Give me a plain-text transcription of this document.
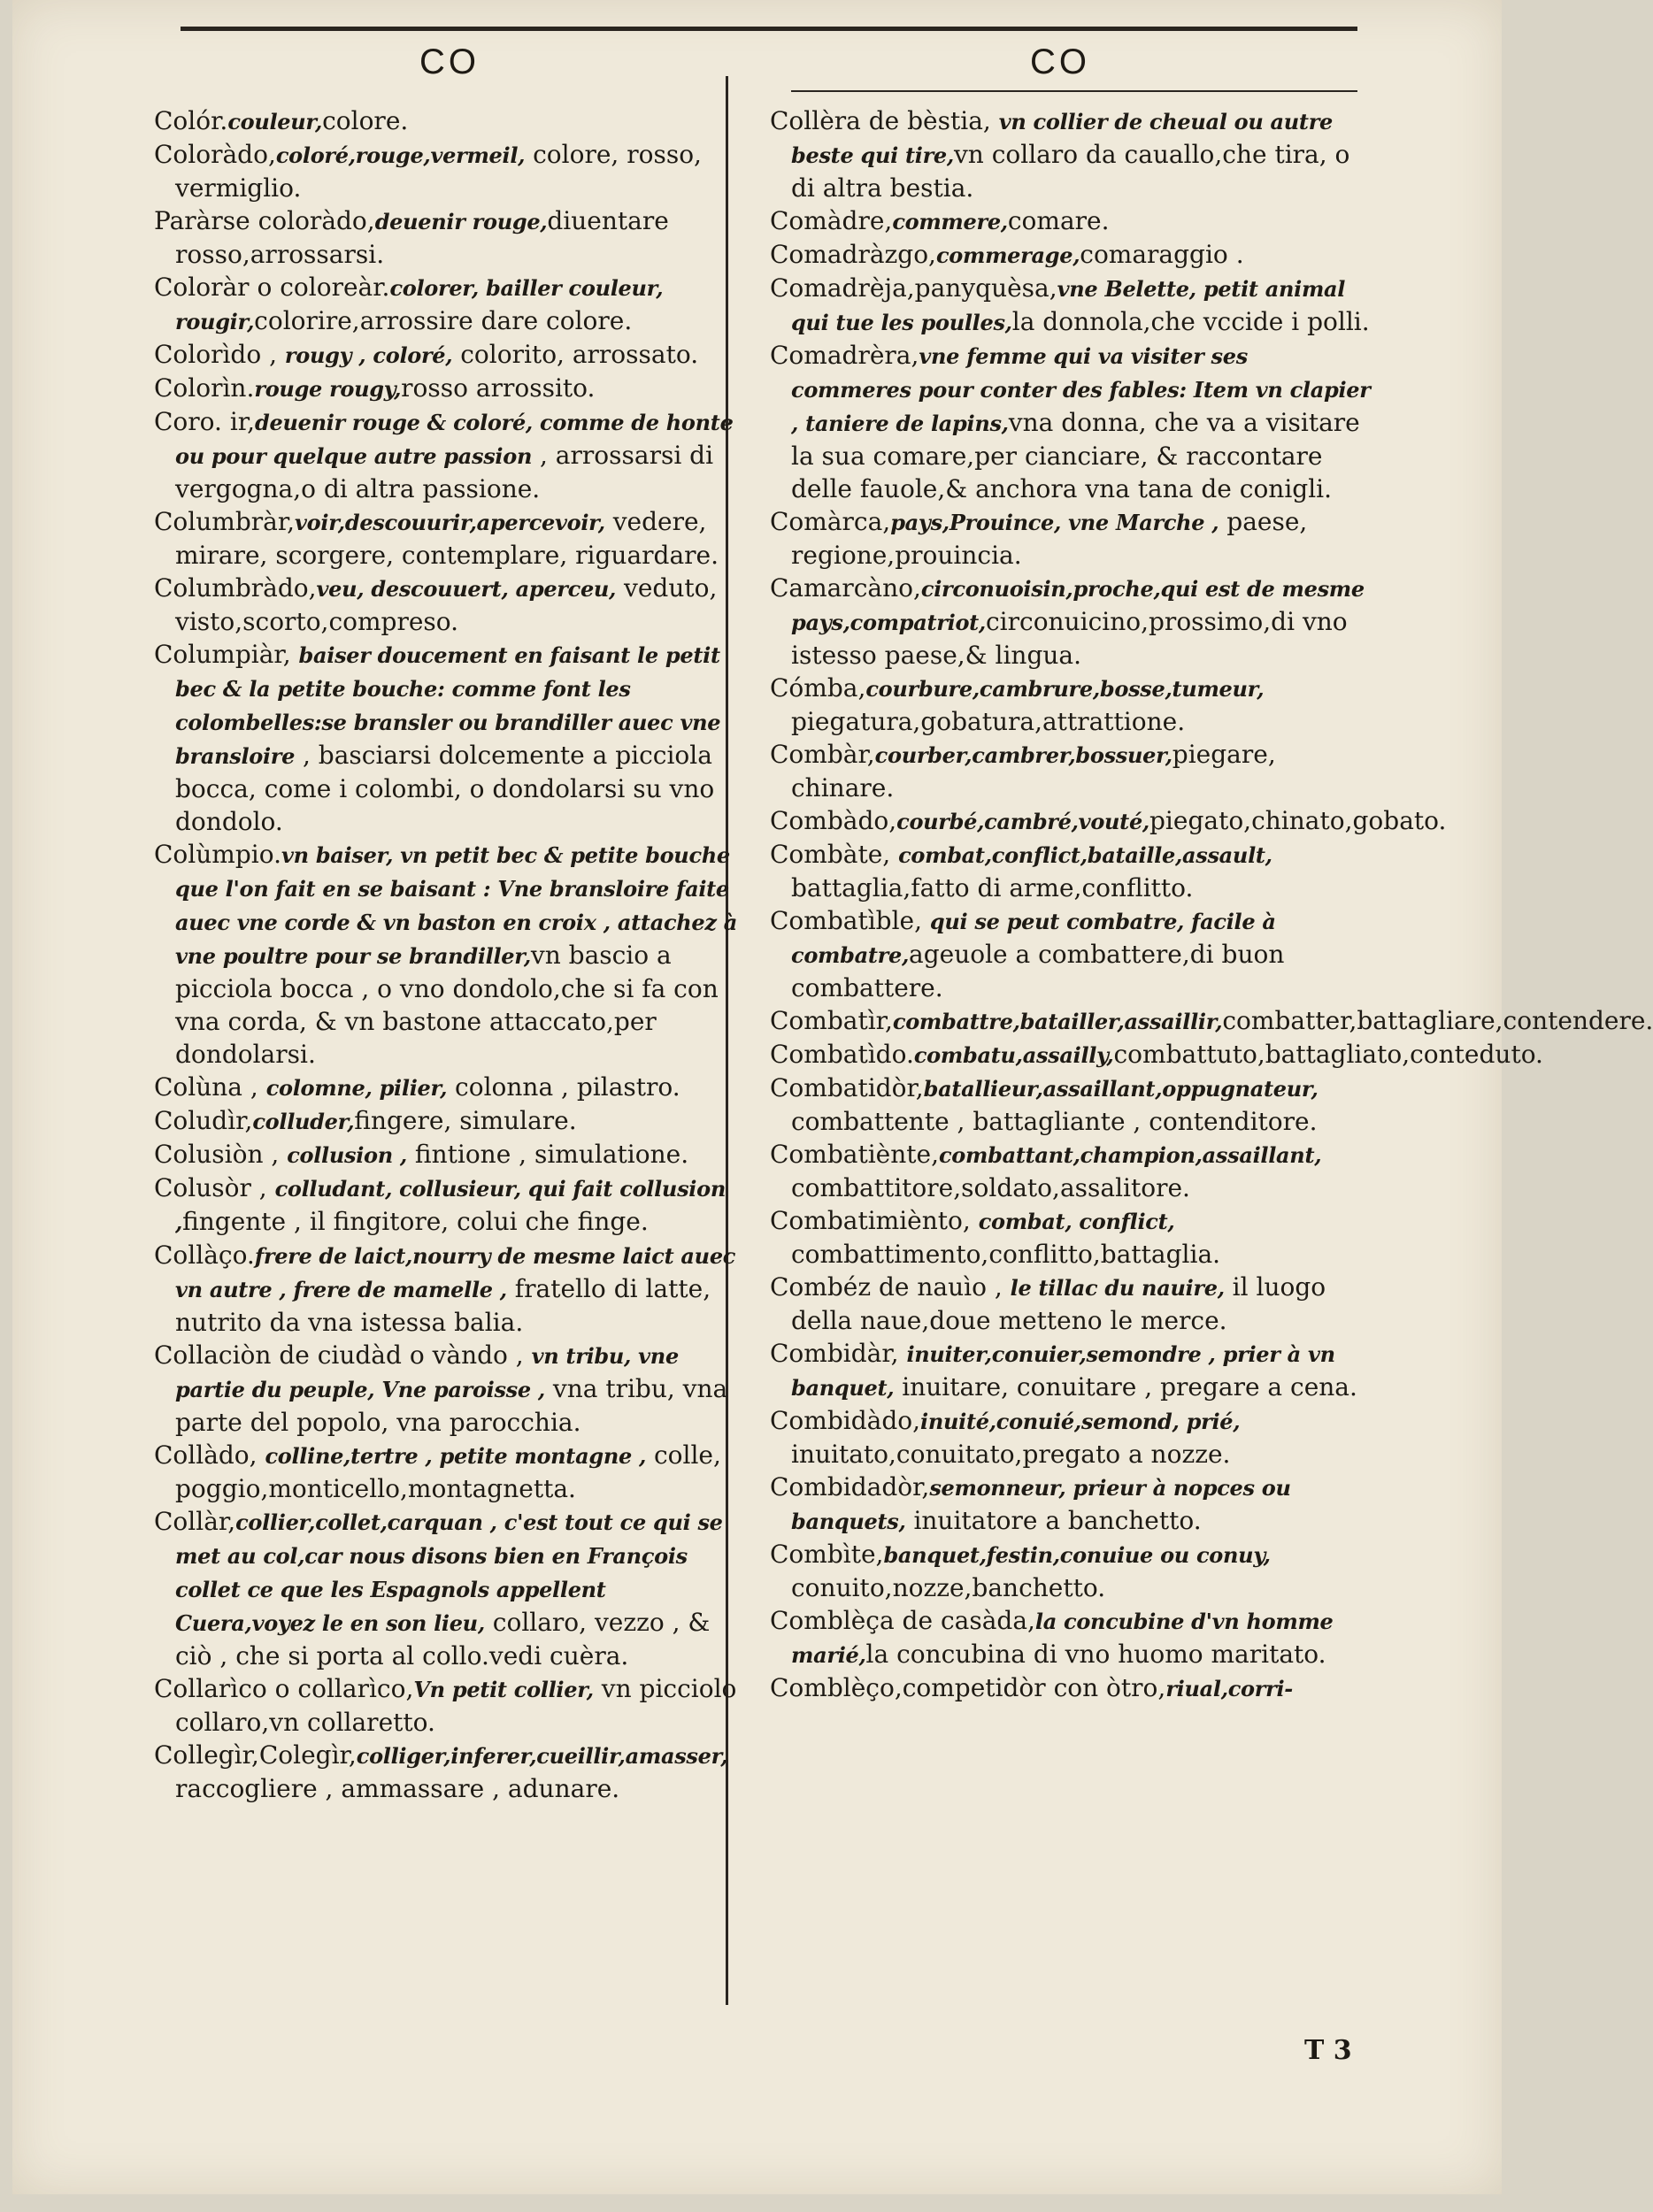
CO	CO

Colór.couleur,colore.

Coloràdo,coloré,rouge,vermeil, colore, rosso, vermiglio.

Paràrse coloràdo,deuenir rouge,diuentare rosso,arrossarsi.

Coloràr o coloreàr.colorer, bailler couleur, rougir,colorire,arrossire dare colore.

Colorìdo , rougy , coloré, colorito, arrossato.

Colorìn.rouge rougy,rosso arrossito.

Coro. ir,deuenir rouge & coloré, comme de honte ou pour quelque autre passion , arrossarsi di vergogna,o di altra passione.

Columbràr,voir,descouurir,apercevoir, vedere, mirare, scorgere, contemplare, riguardare.

Columbràdo,veu, descouuert, aperceu, veduto, visto,scorto,compreso.

Columpiàr, baiser doucement en faisant le petit bec & la petite bouche: comme font les colombelles:se bransler ou brandiller auec vne bransloire , basciarsi dolcemente a picciola bocca, come i colombi, o dondolarsi su vno dondolo.

Colùmpio.vn baiser, vn petit bec & petite bouche que l'on fait en se baisant : Vne bransloire faite auec vne corde & vn baston en croix , attachez à vne poultre pour se brandiller,vn bascio a picciola bocca , o vno dondolo,che si fa con vna corda, & vn bastone attaccato,per dondolarsi.

Colùna , colomne, pilier, colonna , pilastro.

Coludìr,colluder,fingere, simulare.

Colusiòn , collusion , fintione , simulatione.

Colusòr , colludant, collusieur, qui fait collusion ,fingente , il fingitore, colui che finge.

Collàço.frere de laict,nourry de mesme laict auec vn autre , frere de mamelle , fratello di latte, nutrito da vna istessa balia.

Collaciòn de ciudàd o vàndo , vn tribu, vne partie du peuple, Vne paroisse , vna tribu, vna parte del popolo, vna parocchia.

Collàdo, colline,tertre , petite montagne , colle, poggio,monticello,montagnetta.

Collàr,collier,collet,carquan , c'est tout ce qui se met au col,car nous disons bien en François collet ce que les Espagnols appellent Cuera,voyez le en son lieu, collaro, vezzo , & ciò , che si porta al collo.vedi cuèra.

Collarìco o collarìco,Vn petit collier, vn picciolo collaro,vn collaretto.

Collegìr,Colegìr,colliger,inferer,cueillir,amasser, raccogliere , ammassare , adunare.

Collèra de bèstia, vn collier de cheual ou autre beste qui tire,vn collaro da cauallo,che tira, o di altra bestia.

Comàdre,commere,comare.

Comadràzgo,commerage,comaraggio .

Comadrèja,panyquèsa,vne Belette, petit animal qui tue les poulles,la donnola,che vccide i polli.

Comadrèra,vne femme qui va visiter ses commeres pour conter des fables: Item vn clapier , taniere de lapins,vna donna, che va a visitare la sua comare,per cianciare, & raccontare delle fauole,& anchora vna tana de conigli.

Comàrca,pays,Prouince, vne Marche , paese, regione,prouincia.

Camarcàno,circonuoisin,proche,qui est de mesme pays,compatriot,circonuicino,prossimo,di vno istesso paese,& lingua.

Cómba,courbure,cambrure,bosse,tumeur, piegatura,gobatura,attrattione.

Combàr,courber,cambrer,bossuer,piegare, chinare.

Combàdo,courbé,cambré,vouté,piegato,chinato,gobato.

Combàte, combat,conflict,bataille,assault, battaglia,fatto di arme,conflitto.

Combatìble, qui se peut combatre, facile à combatre,ageuole a combattere,di buon combattere.

Combatìr,combattre,batailler,assaillir,combatter,battagliare,contendere.

Combatìdo.combatu,assailly,combattuto,battagliato,conteduto.

Combatidòr,batallieur,assaillant,oppugnateur, combattente , battagliante , contenditore.

Combatiènte,combattant,champion,assaillant, combattitore,soldato,assalitore.

Combatimiènto, combat, conflict, combattimento,conflitto,battaglia.

Combéz de nauìo , le tillac du nauire, il luogo della naue,doue metteno le merce.

Combidàr, inuiter,conuier,semondre , prier à vn banquet, inuitare, conuitare , pregare a cena.

Combidàdo,inuité,conuié,semond, prié, inuitato,conuitato,pregato a nozze.

Combidadòr,semonneur, prieur à nopces ou banquets, inuitatore a banchetto.

Combìte,banquet,festin,conuiue ou conuy, conuito,nozze,banchetto.

Comblèça de casàda,la concubine d'vn homme marié,la concubina di vno huomo maritato.

Comblèço,competidòr con òtro,riual,corri-

T 3
